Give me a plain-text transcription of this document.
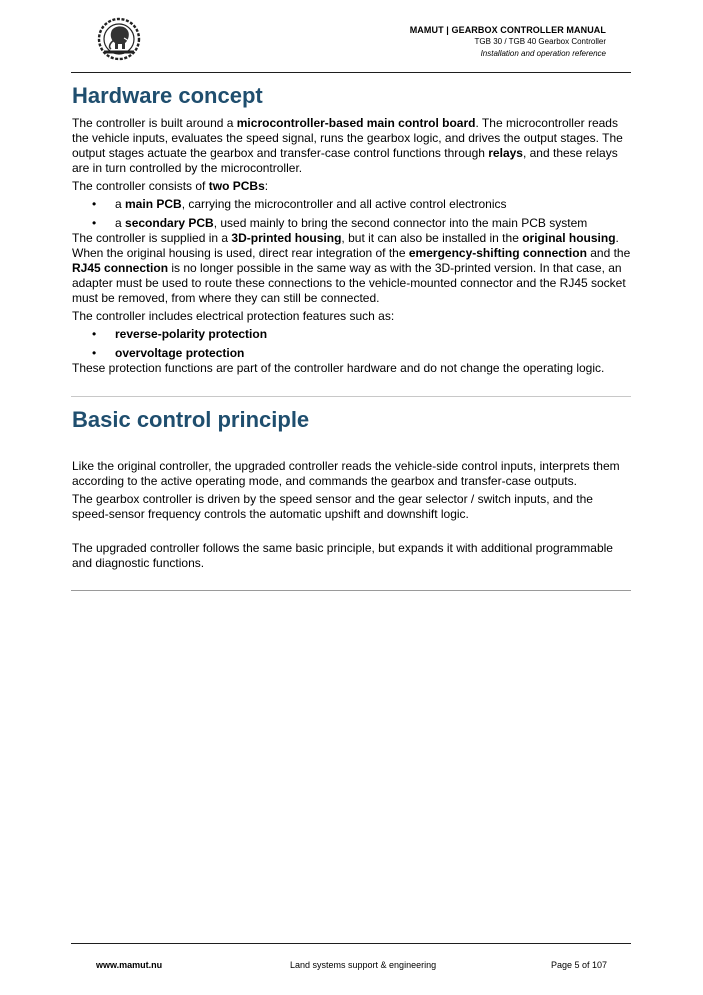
MAMUT | GEARBOX CONTROLLER MANUAL
TGB 30 / TGB 40 Gearbox Controller
Installation and operation reference
Hardware concept

The controller is built around a microcontroller-based main control board. The microcontroller reads the vehicle inputs, evaluates the speed signal, runs the gearbox logic, and drives the output stages. The output stages actuate the gearbox and transfer-case control functions through relays, and these relays are in turn controlled by the microcontroller.

The controller consists of two PCBs:

• a main PCB, carrying the microcontroller and all active control electronics
• a secondary PCB, used mainly to bring the second connector into the main PCB system

The controller is supplied in a 3D-printed housing, but it can also be installed in the original housing. When the original housing is used, direct rear integration of the emergency-shifting connection and the RJ45 connection is no longer possible in the same way as with the 3D-printed version. In that case, an adapter must be used to route these connections to the vehicle-mounted connector and the RJ45 socket must be removed, from where they can still be connected.

The controller includes electrical protection features such as:

• reverse-polarity protection
• overvoltage protection

These protection functions are part of the controller hardware and do not change the operating logic.

Basic control principle

Like the original controller, the upgraded controller reads the vehicle-side control inputs, interprets them according to the active operating mode, and commands the gearbox and transfer-case outputs.

The gearbox controller is driven by the speed sensor and the gear selector / switch inputs, and the speed-sensor frequency controls the automatic upshift and downshift logic.

The upgraded controller follows the same basic principle, but expands it with additional programmable and diagnostic functions.

www.mamut.nu	Land systems support & engineering	Page 5 of 107
